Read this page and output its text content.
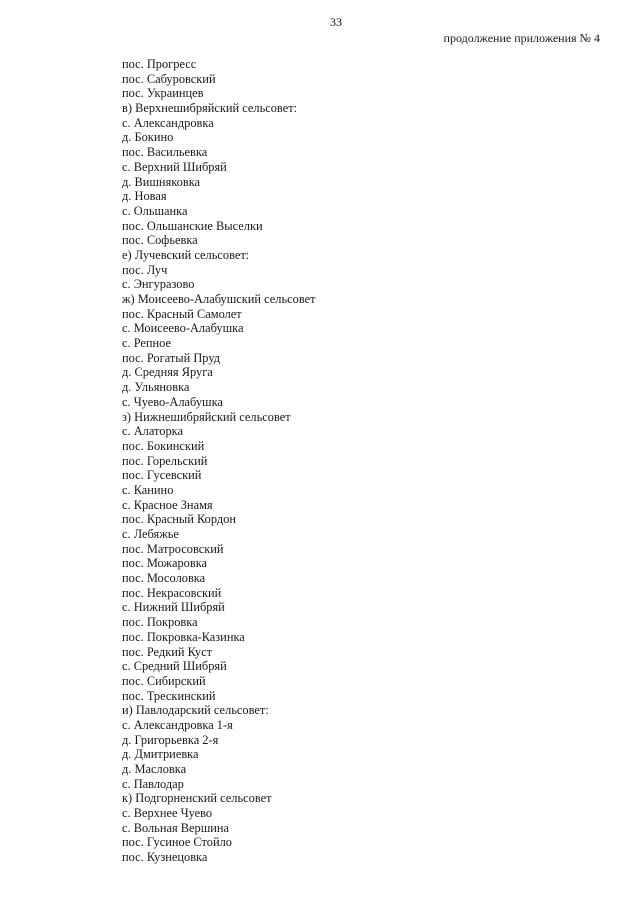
33
продолжение приложения № 4
пос. Прогресс
пос. Сабуровский
пос. Украинцев
в) Верхнешибряйский сельсовет:
с. Александровка
д. Бокино
пос. Васильевка
с. Верхний Шибряй
д. Вишняковка
д. Новая
с. Ольшанка
пос. Ольшанские Выселки
пос. Софьевка
е) Лучевский сельсовет:
пос. Луч
с. Энгуразово
ж) Моисеево-Алабушский сельсовет
пос. Красный Самолет
с. Моисеево-Алабушка
с. Репное
пос. Рогатый Пруд
д. Средняя Яруга
д. Ульяновка
с. Чуево-Алабушка
з) Нижнешибряйский сельсовет
с. Алаторка
пос. Бокинский
пос. Горельский
пос. Гусевский
с. Канино
с. Красное Знамя
пос. Красный Кордон
с. Лебяжье
пос. Матросовский
пос. Можаровка
пос. Мосоловка
пос. Некрасовский
с. Нижний Шибряй
пос. Покровка
пос. Покровка-Казинка
пос. Редкий Куст
с. Средний Шибряй
пос. Сибирский
пос. Трескинский
и) Павлодарский сельсовет:
с. Александровка 1-я
д. Григорьевка 2-я
д. Дмитриевка
д. Масловка
с. Павлодар
к) Подгорненский сельсовет
с. Верхнее Чуево
с. Вольная Вершина
пос. Гусиное Стойло
пос. Кузнецовка
